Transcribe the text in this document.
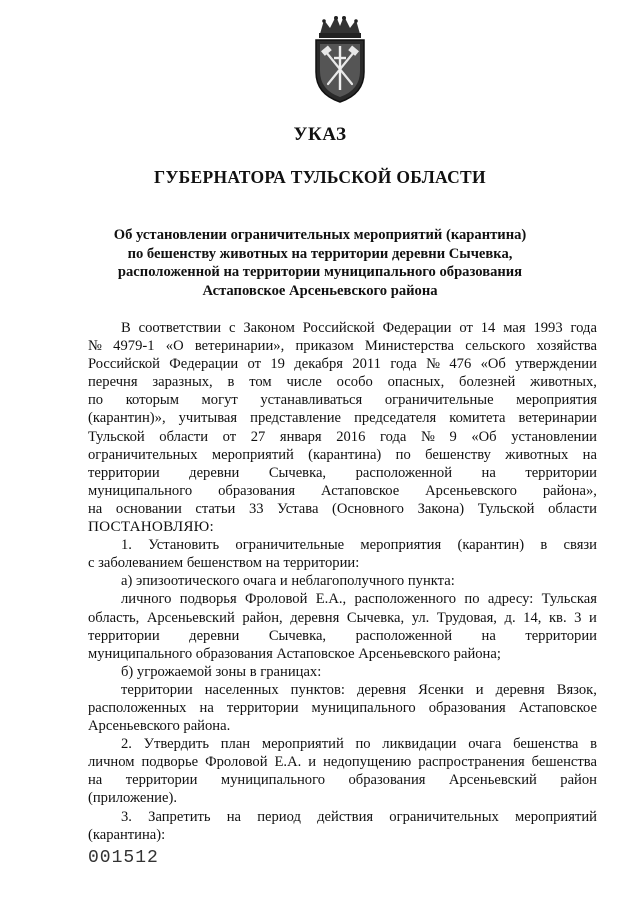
УКАЗ
ГУБЕРНАТОРА ТУЛЬСКОЙ ОБЛАСТИ
Об установлении ограничительных мероприятий (карантина)
по бешенству животных на территории деревни Сычевка,
расположенной на территории муниципального образования
Астаповское Арсеньевского района
В соответствии с Законом Российской Федерации от 14 мая 1993 года
№ 4979-1 «О ветеринарии», приказом Министерства сельского хозяйства
Российской Федерации от 19 декабря 2011 года № 476 «Об утверждении
перечня заразных, в том числе особо опасных, болезней животных,
по которым могут устанавливаться ограничительные мероприятия
(карантин)», учитывая представление председателя комитета ветеринарии
Тульской области от 27 января 2016 года № 9 «Об установлении
ограничительных мероприятий (карантина) по бешенству животных на
территории деревни Сычевка, расположенной на территории
муниципального образования Астаповское Арсеньевского района»,
на основании статьи 33 Устава (Основного Закона) Тульской области
ПОСТАНОВЛЯЮ:
1. Установить ограничительные мероприятия (карантин) в связи
с заболеванием бешенством на территории:
а) эпизоотического очага и неблагополучного пункта:
личного подворья Фроловой Е.А., расположенного по адресу: Тульская
область, Арсеньевский район, деревня Сычевка, ул. Трудовая, д. 14, кв. 3 и
территории деревни Сычевка, расположенной на территории
муниципального образования Астаповское Арсеньевского района;
б) угрожаемой зоны в границах:
территории населенных пунктов: деревня Ясенки и деревня Вязок,
расположенных на территории муниципального образования Астаповское
Арсеньевского района.
2. Утвердить план мероприятий по ликвидации очага бешенства в
личном подворье Фроловой Е.А. и недопущению распространения бешенства
на территории муниципального образования Арсеньевский район
(приложение).
3. Запретить на период действия ограничительных мероприятий
(карантина):
001512
